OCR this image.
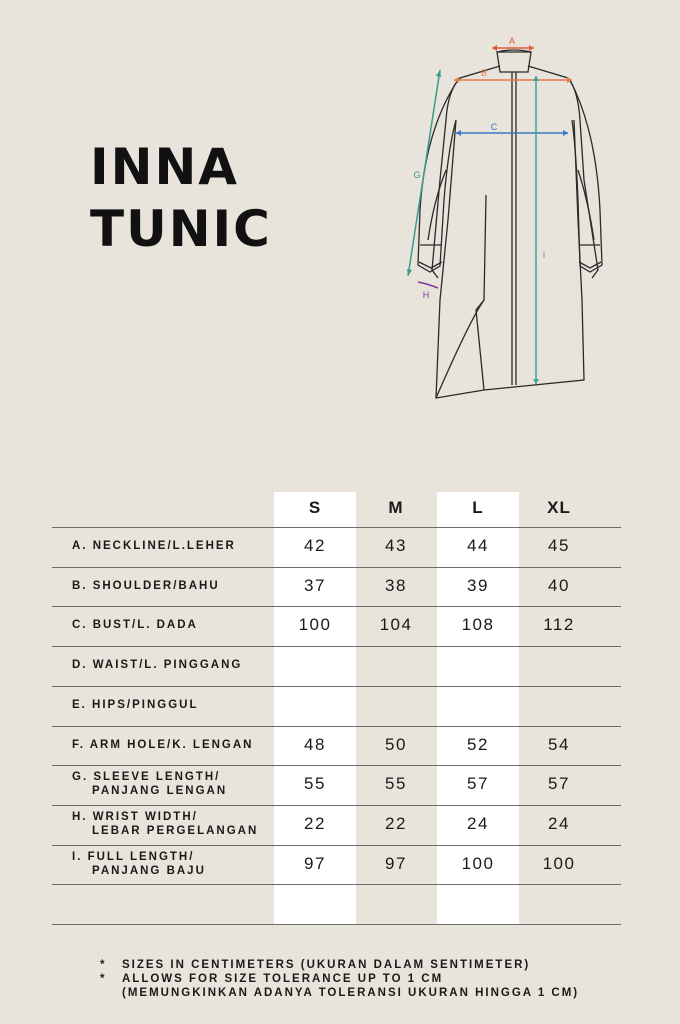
INNA
TUNIC
A
B
C
G
H
I
S	M	L	XL
A. NECKLINE/L.LEHER	42	43	44	45
B. SHOULDER/BAHU	37	38	39	40
C. BUST/L. DADA	100	104	108	112
D. WAIST/L. PINGGANG
E. HIPS/PINGGUL
F. ARM HOLE/K. LENGAN	48	50	52	54
G. SLEEVE LENGTH/
PANJANG LENGAN	55	55	57	57
H. WRIST WIDTH/
LEBAR PERGELANGAN	22	22	24	24
I. FULL LENGTH/
PANJANG BAJU	97	97	100	100
* SIZES IN CENTIMETERS (UKURAN DALAM SENTIMETER)
* ALLOWS FOR SIZE TOLERANCE UP TO 1 CM
(MEMUNGKINKAN ADANYA TOLERANSI UKURAN HINGGA 1 CM)
